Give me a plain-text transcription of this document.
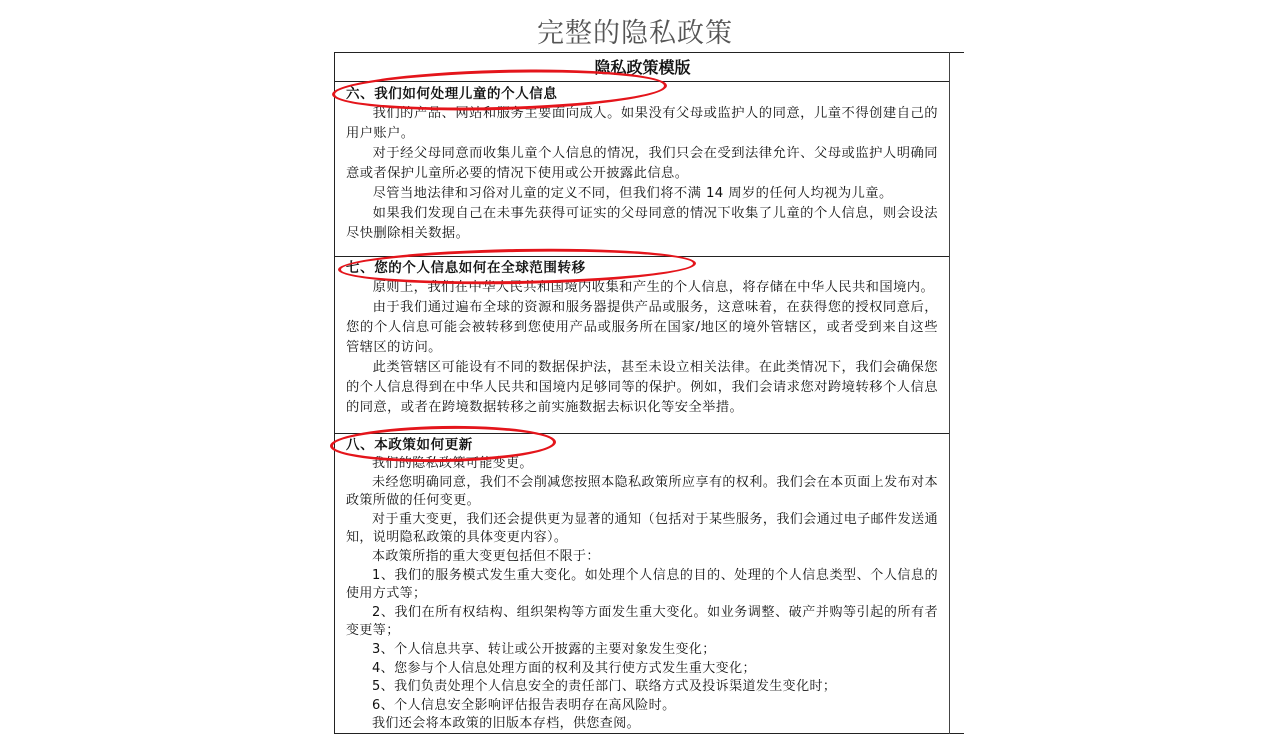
完整的隐私政策
隐私政策模版
六、我们如何处理儿童的个人信息
我们的产品、网站和服务主要面向成人。如果没有父母或监护人的同意，儿童不得创建自己的用户账户。
对于经父母同意而收集儿童个人信息的情况，我们只会在受到法律允许、父母或监护人明确同意或者保护儿童所必要的情况下使用或公开披露此信息。
尽管当地法律和习俗对儿童的定义不同，但我们将不满 14 周岁的任何人均视为儿童。
如果我们发现自己在未事先获得可证实的父母同意的情况下收集了儿童的个人信息，则会设法尽快删除相关数据。
七、您的个人信息如何在全球范围转移
原则上，我们在中华人民共和国境内收集和产生的个人信息，将存储在中华人民共和国境内。
由于我们通过遍布全球的资源和服务器提供产品或服务，这意味着，在获得您的授权同意后，您的个人信息可能会被转移到您使用产品或服务所在国家/地区的境外管辖区，或者受到来自这些管辖区的访问。
此类管辖区可能设有不同的数据保护法，甚至未设立相关法律。在此类情况下，我们会确保您的个人信息得到在中华人民共和国境内足够同等的保护。例如，我们会请求您对跨境转移个人信息的同意，或者在跨境数据转移之前实施数据去标识化等安全举措。
八、本政策如何更新
我们的隐私政策可能变更。
未经您明确同意，我们不会削减您按照本隐私政策所应享有的权利。我们会在本页面上发布对本政策所做的任何变更。
对于重大变更，我们还会提供更为显著的通知（包括对于某些服务，我们会通过电子邮件发送通知，说明隐私政策的具体变更内容）。
本政策所指的重大变更包括但不限于：
1、我们的服务模式发生重大变化。如处理个人信息的目的、处理的个人信息类型、个人信息的使用方式等；
2、我们在所有权结构、组织架构等方面发生重大变化。如业务调整、破产并购等引起的所有者变更等；
3、个人信息共享、转让或公开披露的主要对象发生变化；
4、您参与个人信息处理方面的权利及其行使方式发生重大变化；
5、我们负责处理个人信息安全的责任部门、联络方式及投诉渠道发生变化时；
6、个人信息安全影响评估报告表明存在高风险时。
我们还会将本政策的旧版本存档，供您查阅。
